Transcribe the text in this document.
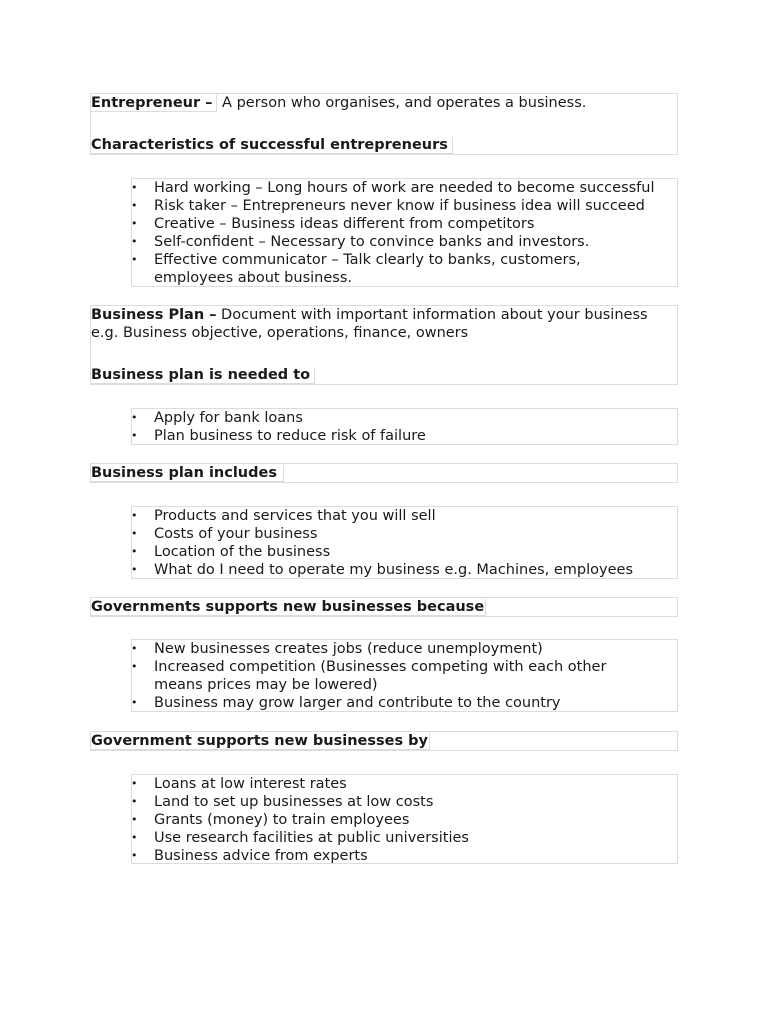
Entrepreneur – A person who organises, and operates a business.
Characteristics of successful entrepreneurs
• Hard working – Long hours of work are needed to become successful
• Risk taker – Entrepreneurs never know if business idea will succeed
• Creative – Business ideas different from competitors
• Self-confident – Necessary to convince banks and investors.
• Effective communicator – Talk clearly to banks, customers, employees about business.
Business Plan – Document with important information about your business e.g. Business objective, operations, finance, owners
Business plan is needed to
• Apply for bank loans
• Plan business to reduce risk of failure
Business plan includes
• Products and services that you will sell
• Costs of your business
• Location of the business
• What do I need to operate my business e.g. Machines, employees
Governments supports new businesses because
• New businesses creates jobs (reduce unemployment)
• Increased competition (Businesses competing with each other means prices may be lowered)
• Business may grow larger and contribute to the country
Government supports new businesses by
• Loans at low interest rates
• Land to set up businesses at low costs
• Grants (money) to train employees
• Use research facilities at public universities
• Business advice from experts
